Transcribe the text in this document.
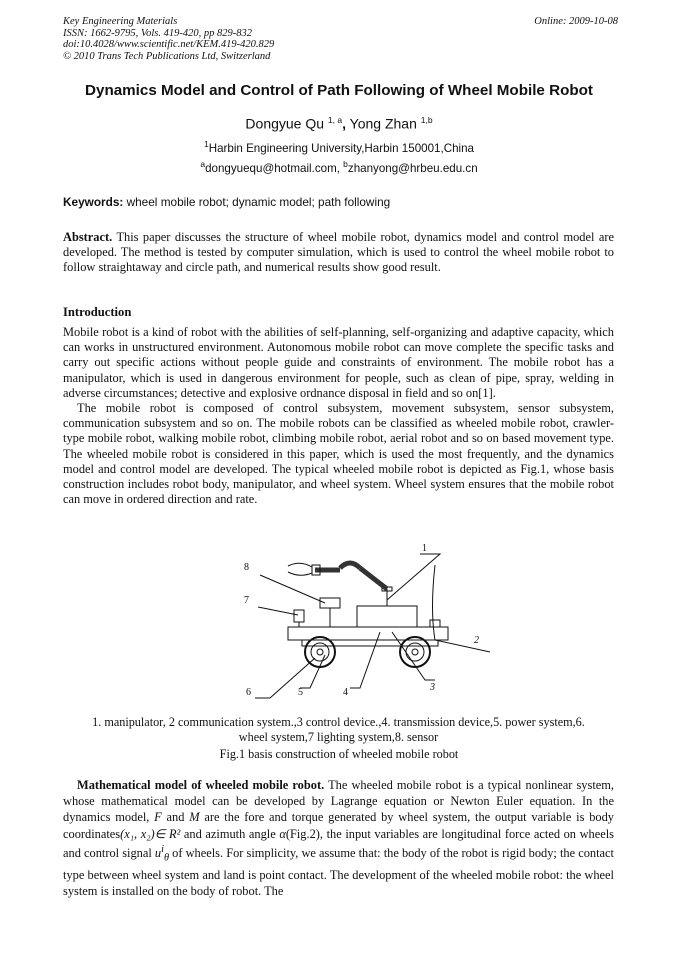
Key Engineering Materials
ISSN: 1662-9795, Vols. 419-420, pp 829-832
doi:10.4028/www.scientific.net/KEM.419-420.829
© 2010 Trans Tech Publications Ltd, Switzerland
Online: 2009-10-08
Dynamics Model and Control of Path Following of Wheel Mobile Robot
Dongyue Qu $^{1, a}$, Yong Zhan $^{1,b}$
$^1$Harbin Engineering University,Harbin 150001,China
$^a$dongyuequ@hotmail.com, $^b$zhanyong@hrbeu.edu.cn
Keywords: wheel mobile robot; dynamic model; path following

Abstract. This paper discusses the structure of wheel mobile robot, dynamics model and control model are developed. The method is tested by computer simulation, which is used to control the wheel mobile robot to follow straightaway and circle path, and numerical results show good result.

Introduction

Mobile robot is a kind of robot with the abilities of self-planning, self-organizing and adaptive capacity, which can works in unstructured environment. Autonomous mobile robot can move complete the specific tasks and carry out specific actions without people guide and constraints of environment. The mobile robot has a manipulator, which is used in dangerous environment for people, such as clean of pipe, spray, welding in adverse circumstances; detective and explosive ordnance disposal in field and so on[1].

The mobile robot is composed of control subsystem, movement subsystem, sensor subsystem, communication subsystem and so on. The mobile robots can be classified as wheeled mobile robot, crawler-type mobile robot, walking mobile robot, climbing mobile robot, aerial robot and so on based movement type. The wheeled mobile robot is considered in this paper, which is used the most frequently, and the dynamics model and control model are developed. The typical wheeled mobile robot is depicted as Fig.1, whose basis construction includes robot body, manipulator, and wheel system. Wheel system ensures that the mobile robot can move in ordered direction and rate.

1
2
3
4
5
6
7
8
1. manipulator, 2 communication system.,3 control device.,4. transmission device,5. power system,6.
wheel system,7 lighting system,8. sensor
Fig.1 basis construction of wheeled mobile robot

Mathematical model of wheeled mobile robot. The wheeled mobile robot is a typical nonlinear system, whose mathematical model can be developed by Lagrange equation or Newton Euler equation. In the dynamics model, F and M are the fore and torque generated by wheel system, the output variable is body coordinates(x₁, x₂)∈ R² and azimuth angle α(Fig.2), the input variables are longitudinal force acted on wheels and control signal $u^i_\theta$ of wheels. For simplicity, we assume that: the body of the robot is rigid body; the contact type between wheel system and land is point contact. The development of the wheeled mobile robot: the wheel system is installed on the body of robot. The
